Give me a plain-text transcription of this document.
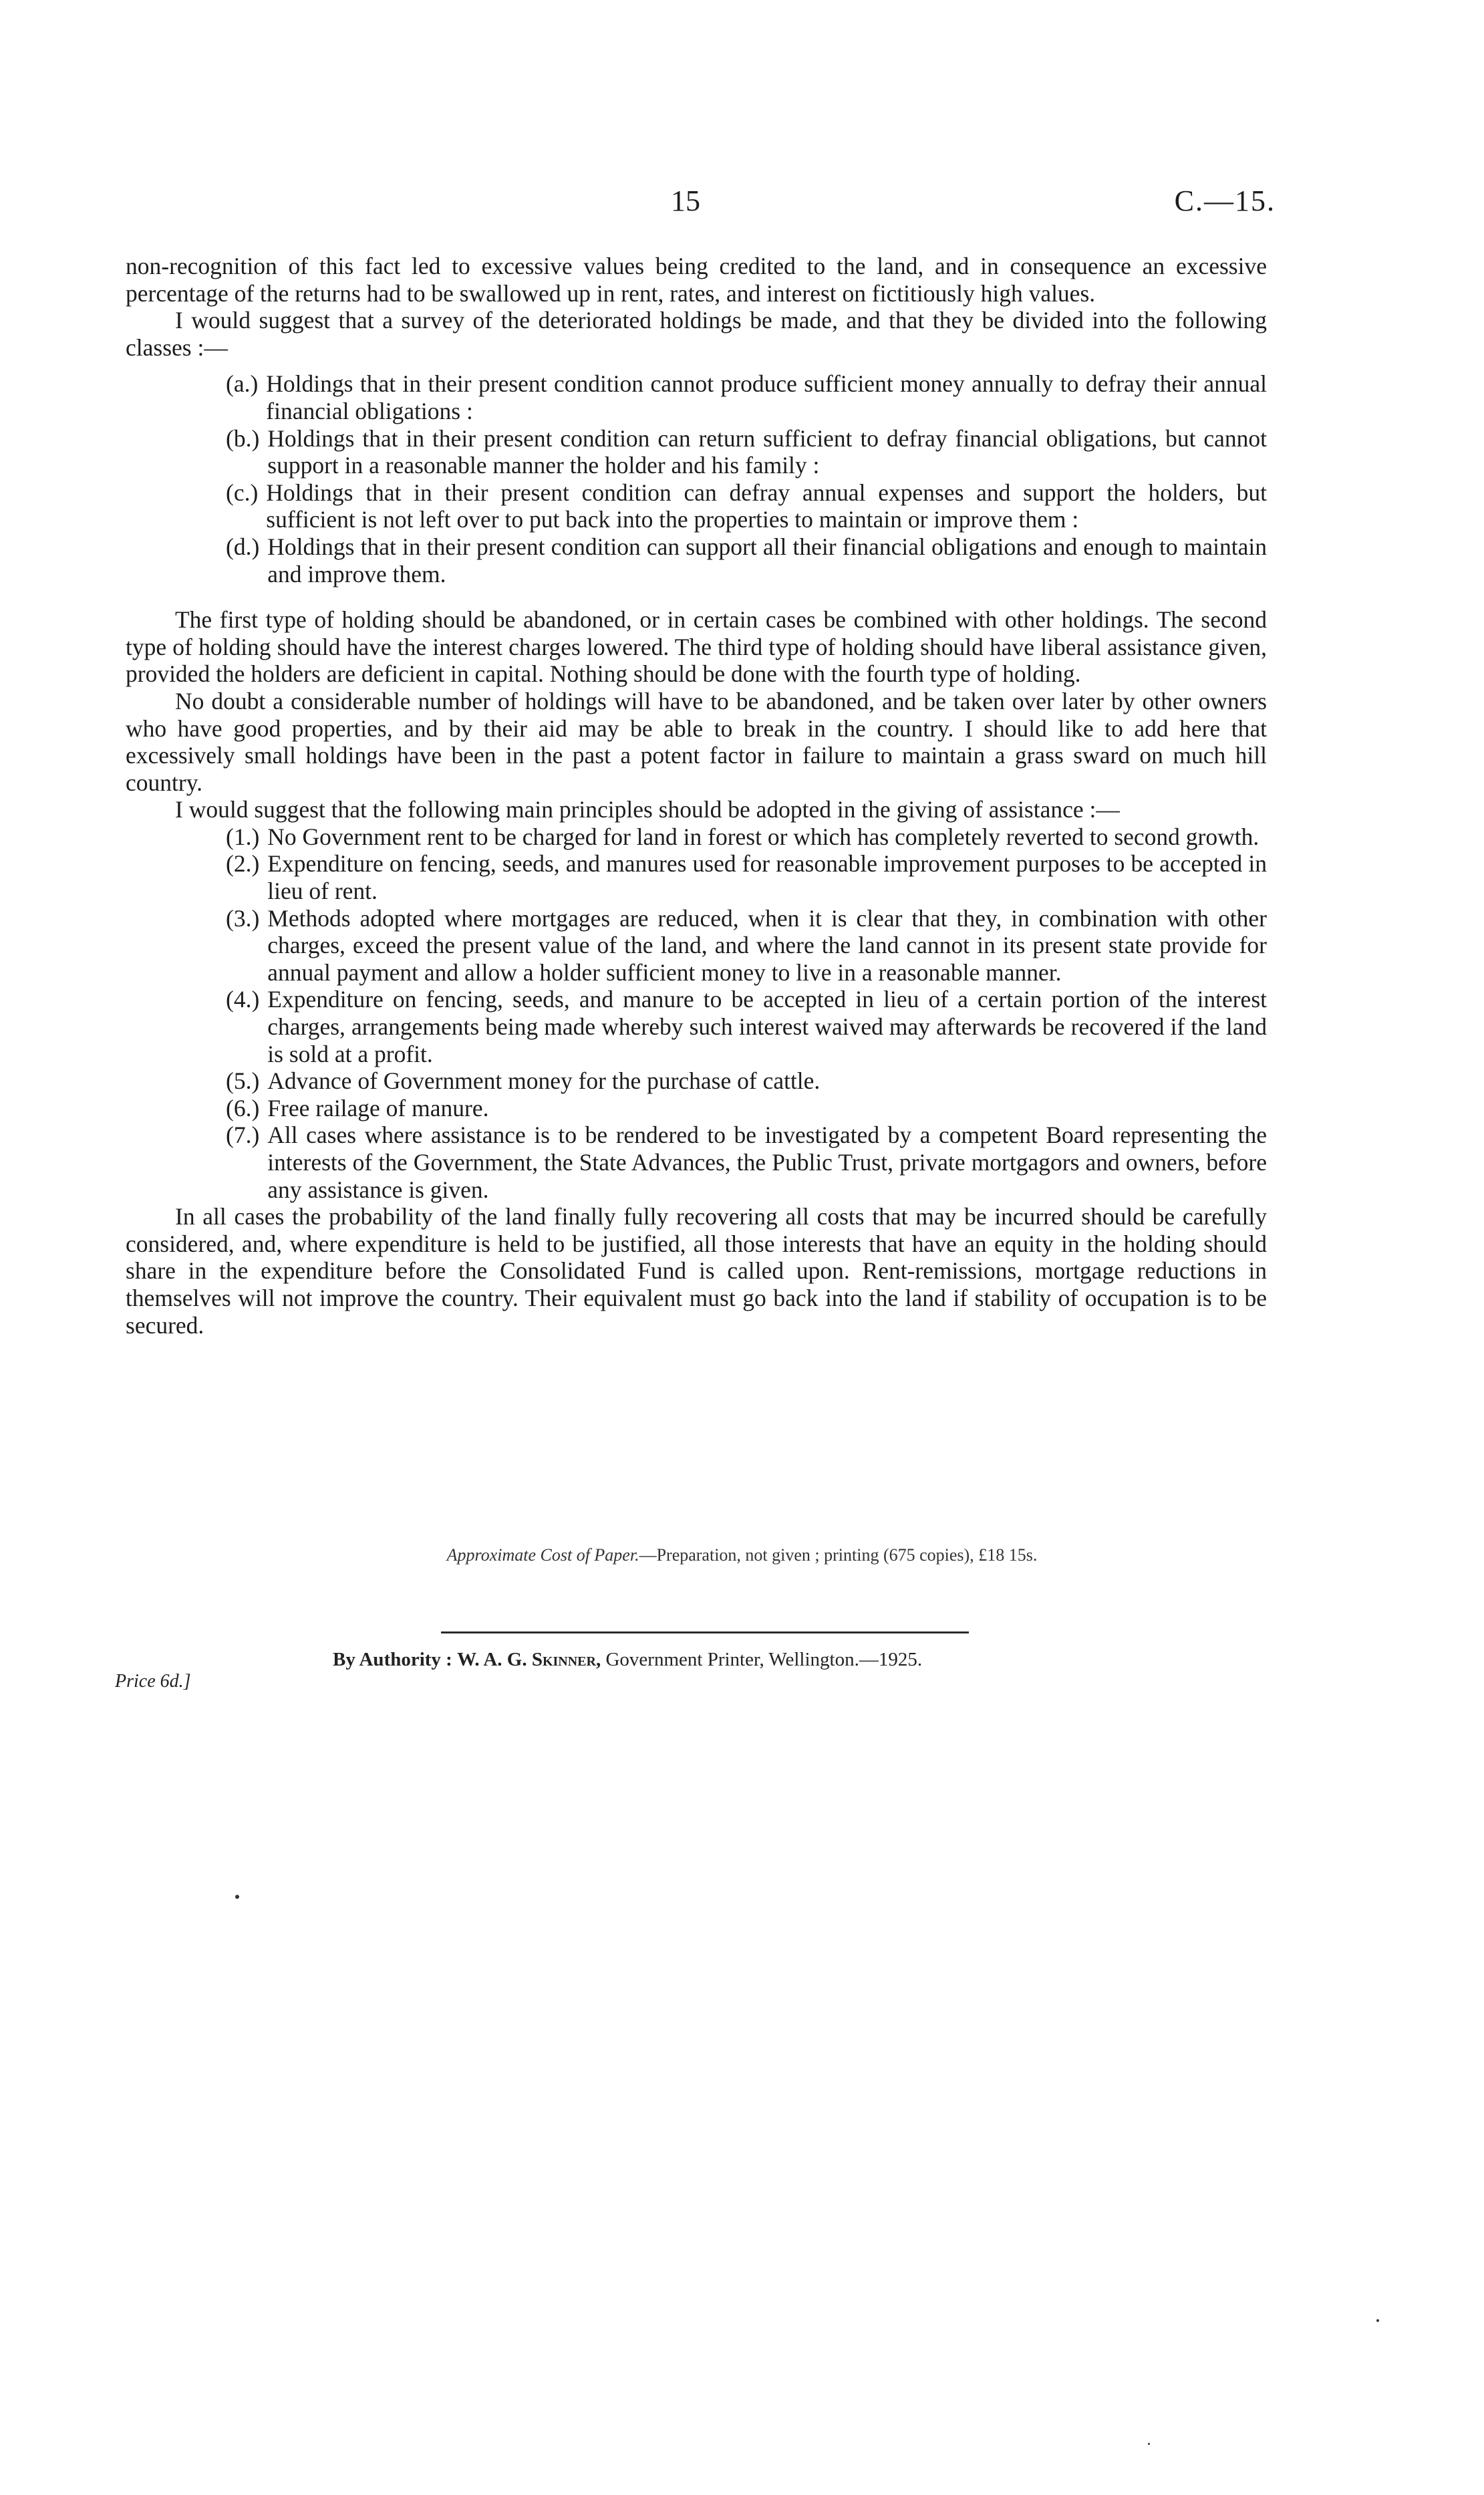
15	C.—15.

non-recognition of this fact led to excessive values being credited to the land, and in consequence an excessive percentage of the returns had to be swallowed up in rent, rates, and interest on fictitiously high values.

I would suggest that a survey of the deteriorated holdings be made, and that they be divided into the following classes :—

(a.) Holdings that in their present condition cannot produce sufficient money annually to defray their annual financial obligations :
(b.) Holdings that in their present condition can return sufficient to defray financial obligations, but cannot support in a reasonable manner the holder and his family :
(c.) Holdings that in their present condition can defray annual expenses and support the holders, but sufficient is not left over to put back into the properties to maintain or improve them :
(d.) Holdings that in their present condition can support all their financial obligations and enough to maintain and improve them.

The first type of holding should be abandoned, or in certain cases be combined with other holdings. The second type of holding should have the interest charges lowered. The third type of holding should have liberal assistance given, provided the holders are deficient in capital. Nothing should be done with the fourth type of holding.

No doubt a considerable number of holdings will have to be abandoned, and be taken over later by other owners who have good properties, and by their aid may be able to break in the country. I should like to add here that excessively small holdings have been in the past a potent factor in failure to maintain a grass sward on much hill country.

I would suggest that the following main principles should be adopted in the giving of assistance :—

(1.) No Government rent to be charged for land in forest or which has completely reverted to second growth.
(2.) Expenditure on fencing, seeds, and manures used for reasonable improvement purposes to be accepted in lieu of rent.
(3.) Methods adopted where mortgages are reduced, when it is clear that they, in combination with other charges, exceed the present value of the land, and where the land cannot in its present state provide for annual payment and allow a holder sufficient money to live in a reasonable manner.
(4.) Expenditure on fencing, seeds, and manure to be accepted in lieu of a certain portion of the interest charges, arrangements being made whereby such interest waived may afterwards be recovered if the land is sold at a profit.
(5.) Advance of Government money for the purchase of cattle.
(6.) Free railage of manure.
(7.) All cases where assistance is to be rendered to be investigated by a competent Board representing the interests of the Government, the State Advances, the Public Trust, private mortgagors and owners, before any assistance is given.

In all cases the probability of the land finally fully recovering all costs that may be incurred should be carefully considered, and, where expenditure is held to be justified, all those interests that have an equity in the holding should share in the expenditure before the Consolidated Fund is called upon. Rent-remissions, mortgage reductions in themselves will not improve the country. Their equivalent must go back into the land if stability of occupation is to be secured.

Approximate Cost of Paper.—Preparation, not given ; printing (675 copies), £18 15s.
By Authority : W. A. G. Skinner, Government Printer, Wellington.—1925.
Price 6d.]
